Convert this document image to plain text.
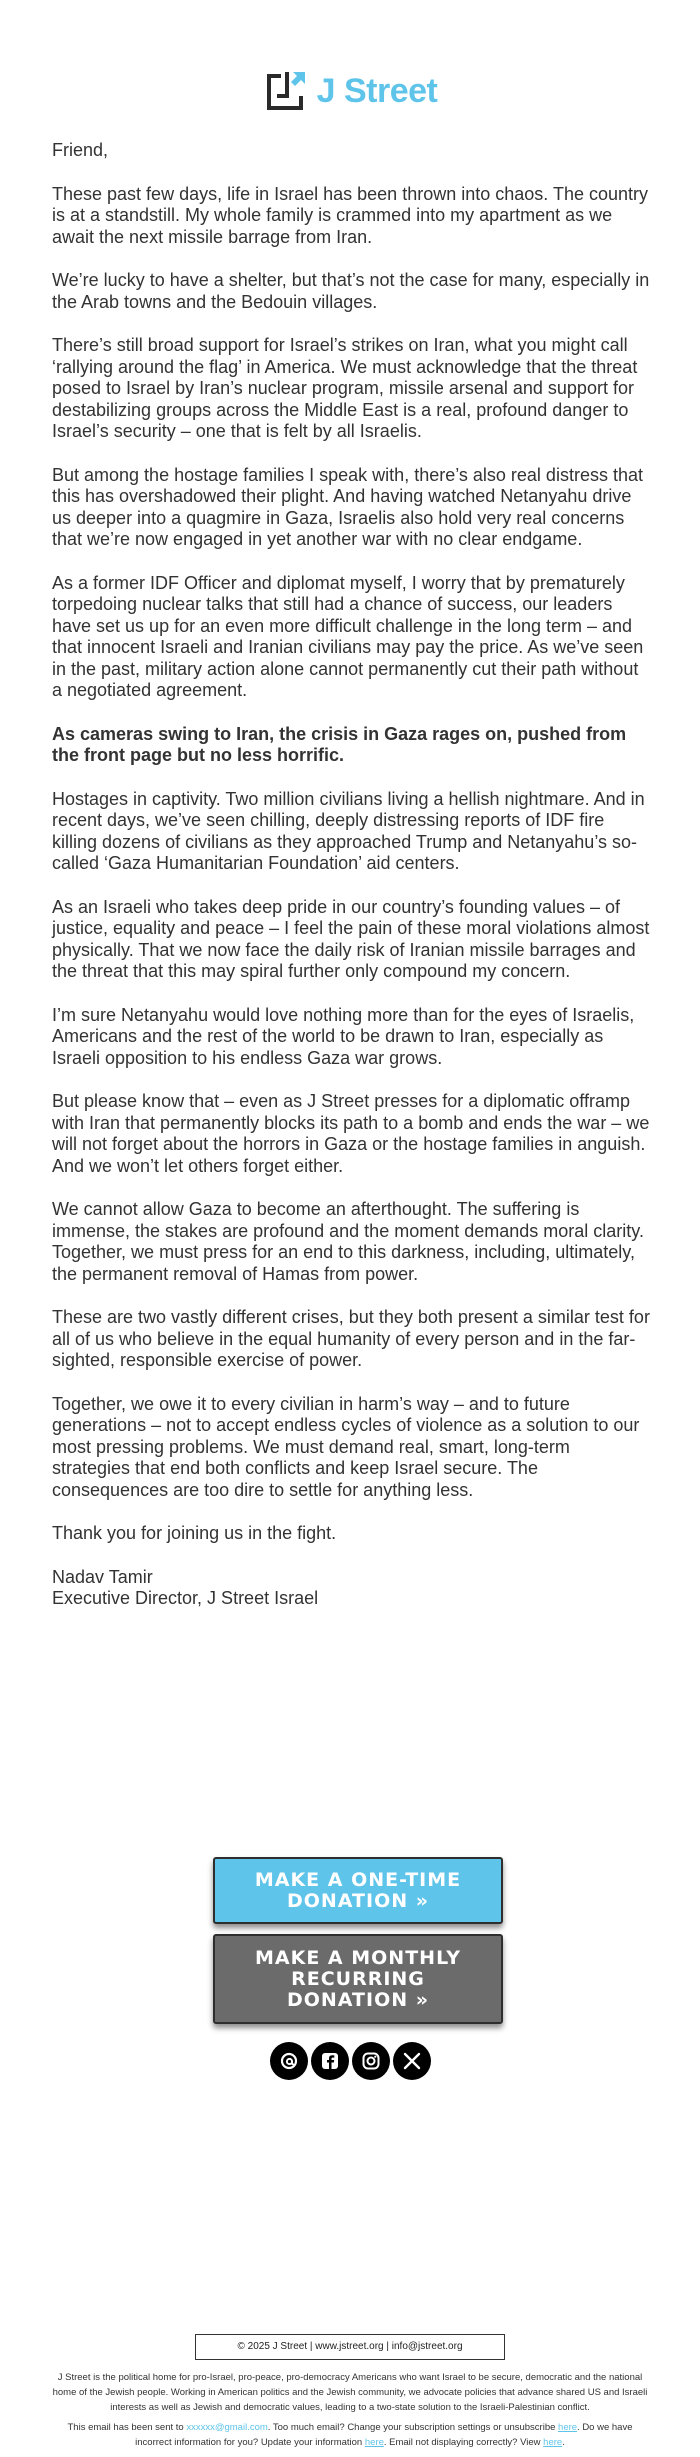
J Street

Friend,

These past few days, life in Israel has been thrown into chaos. The country is at a standstill. My whole family is crammed into my apartment as we await the next missile barrage from Iran.

We’re lucky to have a shelter, but that’s not the case for many, especially in the Arab towns and the Bedouin villages.

There’s still broad support for Israel’s strikes on Iran, what you might call ‘rallying around the flag’ in America. We must acknowledge that the threat posed to Israel by Iran’s nuclear program, missile arsenal and support for destabilizing groups across the Middle East is a real, profound danger to Israel’s security – one that is felt by all Israelis.

But among the hostage families I speak with, there’s also real distress that this has overshadowed their plight. And having watched Netanyahu drive us deeper into a quagmire in Gaza, Israelis also hold very real concerns that we’re now engaged in yet another war with no clear endgame.

As a former IDF Officer and diplomat myself, I worry that by prematurely torpedoing nuclear talks that still had a chance of success, our leaders have set us up for an even more difficult challenge in the long term – and that innocent Israeli and Iranian civilians may pay the price. As we’ve seen in the past, military action alone cannot permanently cut their path without a negotiated agreement.

As cameras swing to Iran, the crisis in Gaza rages on, pushed from the front page but no less horrific.

Hostages in captivity. Two million civilians living a hellish nightmare. And in recent days, we’ve seen chilling, deeply distressing reports of IDF fire killing dozens of civilians as they approached Trump and Netanyahu’s so-called ‘Gaza Humanitarian Foundation’ aid centers.

As an Israeli who takes deep pride in our country’s founding values – of justice, equality and peace – I feel the pain of these moral violations almost physically. That we now face the daily risk of Iranian missile barrages and the threat that this may spiral further only compound my concern.

I’m sure Netanyahu would love nothing more than for the eyes of Israelis, Americans and the rest of the world to be drawn to Iran, especially as Israeli opposition to his endless Gaza war grows.

But please know that – even as J Street presses for a diplomatic offramp with Iran that permanently blocks its path to a bomb and ends the war – we will not forget about the horrors in Gaza or the hostage families in anguish. And we won’t let others forget either.

We cannot allow Gaza to become an afterthought. The suffering is immense, the stakes are profound and the moment demands moral clarity. Together, we must press for an end to this darkness, including, ultimately, the permanent removal of Hamas from power.

These are two vastly different crises, but they both present a similar test for all of us who believe in the equal humanity of every person and in the far-sighted, responsible exercise of power.

Together, we owe it to every civilian in harm’s way – and to future generations – not to accept endless cycles of violence as a solution to our most pressing problems. We must demand real, smart, long-term strategies that end both conflicts and keep Israel secure. The consequences are too dire to settle for anything less.

Thank you for joining us in the fight.

Nadav Tamir

Executive Director, J Street Israel

MAKE A ONE-TIME DONATION »
MAKE A MONTHLY RECURRING DONATION »
© 2025 J Street | www.jstreet.org | info@jstreet.org
J Street is the political home for pro-Israel, pro-peace, pro-democracy Americans who want Israel to be secure, democratic and the national home of the Jewish people. Working in American politics and the Jewish community, we advocate policies that advance shared US and Israeli interests as well as Jewish and democratic values, leading to a two-state solution to the Israeli-Palestinian conflict.
This email has been sent to xxxxxx@gmail.com. Too much email? Change your subscription settings or unsubscribe here. Do we have incorrect information for you? Update your information here. Email not displaying correctly? View here.
